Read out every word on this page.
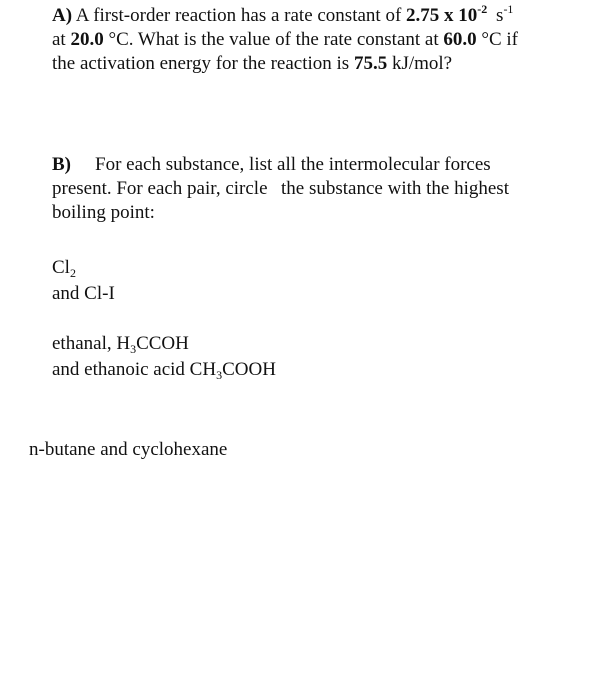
A) A first-order reaction has a rate constant of 2.75 x $10^{-2}$ $s^{-1}$
at 20.0 °C. What is the value of the rate constant at 60.0 °C if
the activation energy for the reaction is 75.5 kJ/mol?
B) For each substance, list all the intermolecular forces
present. For each pair, circle the substance with the highest
boiling point:
$Cl_2$
and Cl-I
ethanal, $H_3CCOH$
and ethanoic acid $CH_3COOH$
n-butane and cyclohexane
